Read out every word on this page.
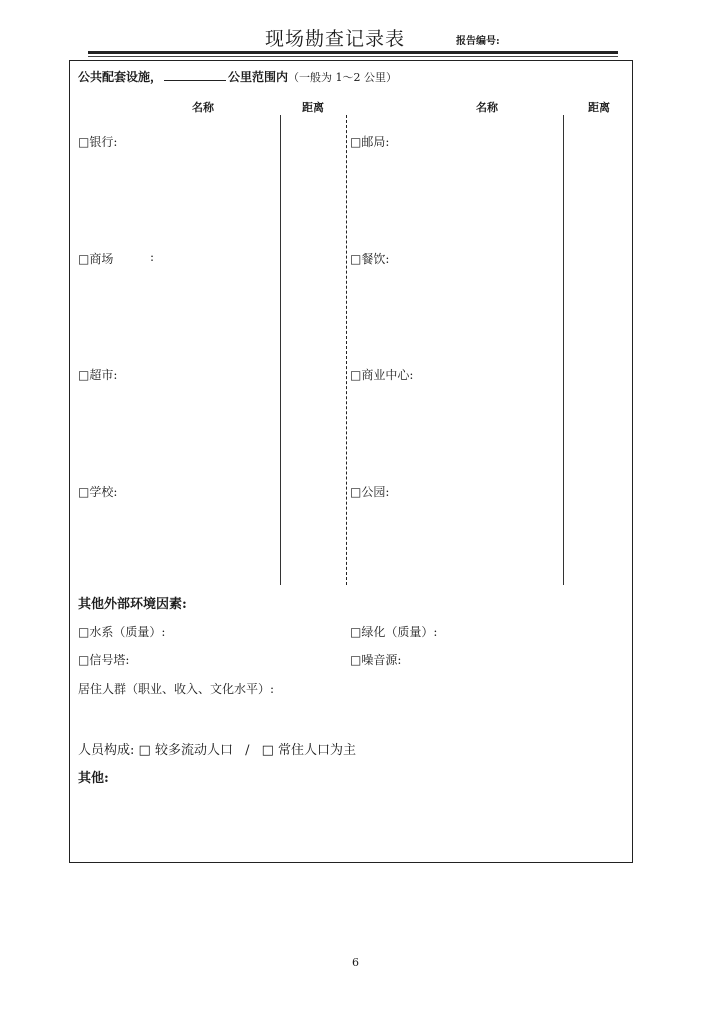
现场勘查记录表	报告编号:
公共配套设施，	公里范围内（一般为 1～2 公里）
名称	距离	名称	距离
□银行:	□邮局:
□商场	:	□餐饮:
□超市:	□商业中心:
□学校:	□公园:
其他外部环境因素:
□水系（质量）:	□绿化（质量）:
□信号塔:	□噪音源:
居住人群（职业、收入、文化水平）:
人员构成: □ 较多流动人口 / □ 常住人口为主
其他:
6
